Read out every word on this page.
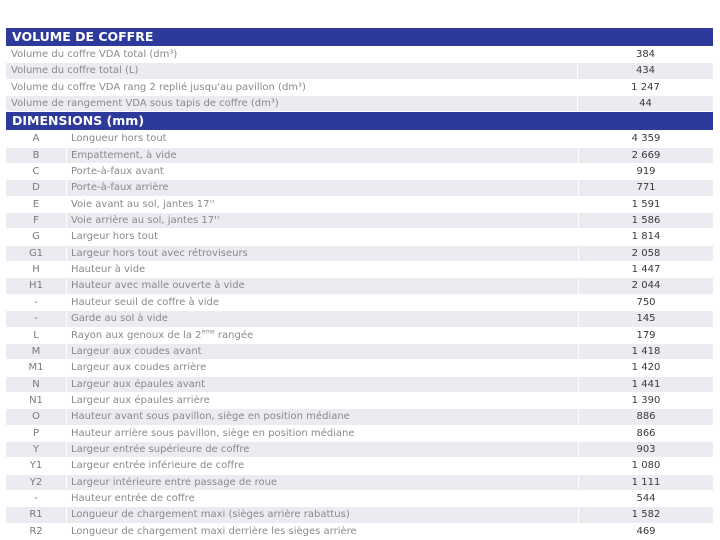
VOLUME DE COFFRE
Volume du coffre VDA total (dm³)	384
Volume du coffre total (L)	434
Volume du coffre VDA rang 2 replié jusqu'au pavillon (dm³)	1 247
Volume de rangement VDA sous tapis de coffre (dm³)	44
DIMENSIONS (mm)
A	Longueur hors tout	4 359
B	Empattement, à vide	2 669
C	Porte-à-faux avant	919
D	Porte-à-faux arrière	771
E	Voie avant au sol, jantes 17''	1 591
F	Voie arrière au sol, jantes 17''	1 586
G	Largeur hors tout	1 814
G1	Largeur hors tout avec rétroviseurs	2 058
H	Hauteur à vide	1 447
H1	Hauteur avec malle ouverte à vide	2 044
-	Hauteur seuil de coffre à vide	750
-	Garde au sol à vide	145
L	Rayon aux genoux de la 2ème rangée	179
M	Largeur aux coudes avant	1 418
M1	Largeur aux coudes arrière	1 420
N	Largeur aux épaules avant	1 441
N1	Largeur aux épaules arrière	1 390
O	Hauteur avant sous pavillon, siège en position médiane	886
P	Hauteur arrière sous pavillon, siège en position médiane	866
Y	Largeur entrée supérieure de coffre	903
Y1	Largeur entrée inférieure de coffre	1 080
Y2	Largeur intérieure entre passage de roue	1 111
-	Hauteur entrée de coffre	544
R1	Longueur de chargement maxi (sièges arrière rabattus)	1 582
R2	Longueur de chargement maxi derrière les sièges arrière	469
